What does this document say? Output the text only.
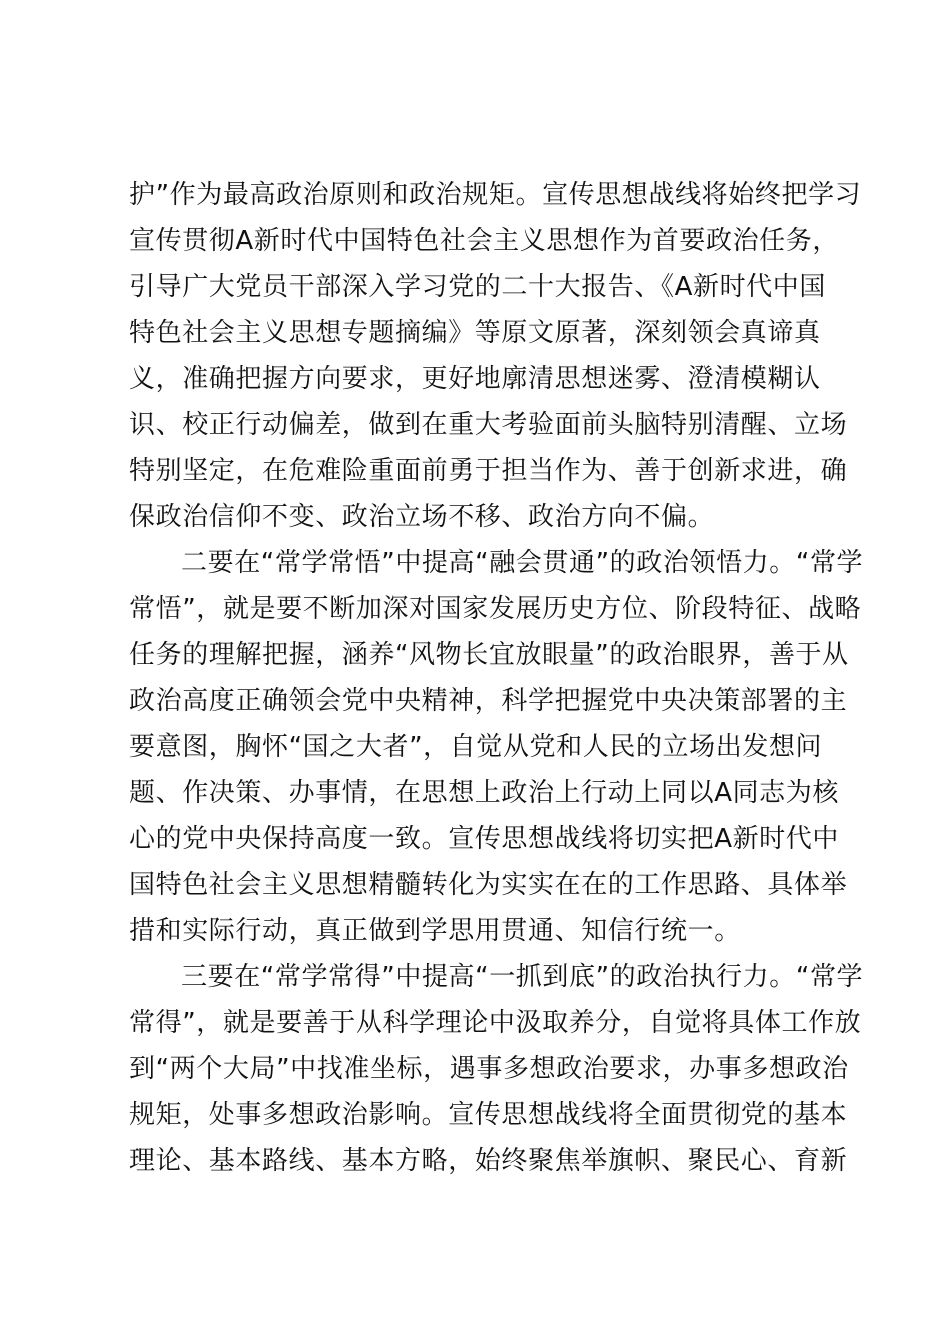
护”作为最高政治原则和政治规矩。宣传思想战线将始终把学习
宣传贯彻A新时代中国特色社会主义思想作为首要政治任务，
引导广大党员干部深入学习党的二十大报告、《A新时代中国
特色社会主义思想专题摘编》等原文原著，深刻领会真谛真
义，准确把握方向要求，更好地廓清思想迷雾、澄清模糊认
识、校正行动偏差，做到在重大考验面前头脑特别清醒、立场
特别坚定，在危难险重面前勇于担当作为、善于创新求进，确
保政治信仰不变、政治立场不移、政治方向不偏。
二要在“常学常悟”中提高“融会贯通”的政治领悟力。“常学
常悟”，就是要不断加深对国家发展历史方位、阶段特征、战略
任务的理解把握，涵养“风物长宜放眼量”的政治眼界，善于从
政治高度正确领会党中央精神，科学把握党中央决策部署的主
要意图，胸怀“国之大者”，自觉从党和人民的立场出发想问
题、作决策、办事情，在思想上政治上行动上同以A同志为核
心的党中央保持高度一致。宣传思想战线将切实把A新时代中
国特色社会主义思想精髓转化为实实在在的工作思路、具体举
措和实际行动，真正做到学思用贯通、知信行统一。
三要在“常学常得”中提高“一抓到底”的政治执行力。“常学
常得”，就是要善于从科学理论中汲取养分，自觉将具体工作放
到“两个大局”中找准坐标，遇事多想政治要求，办事多想政治
规矩，处事多想政治影响。宣传思想战线将全面贯彻党的基本
理论、基本路线、基本方略，始终聚焦举旗帜、聚民心、育新
